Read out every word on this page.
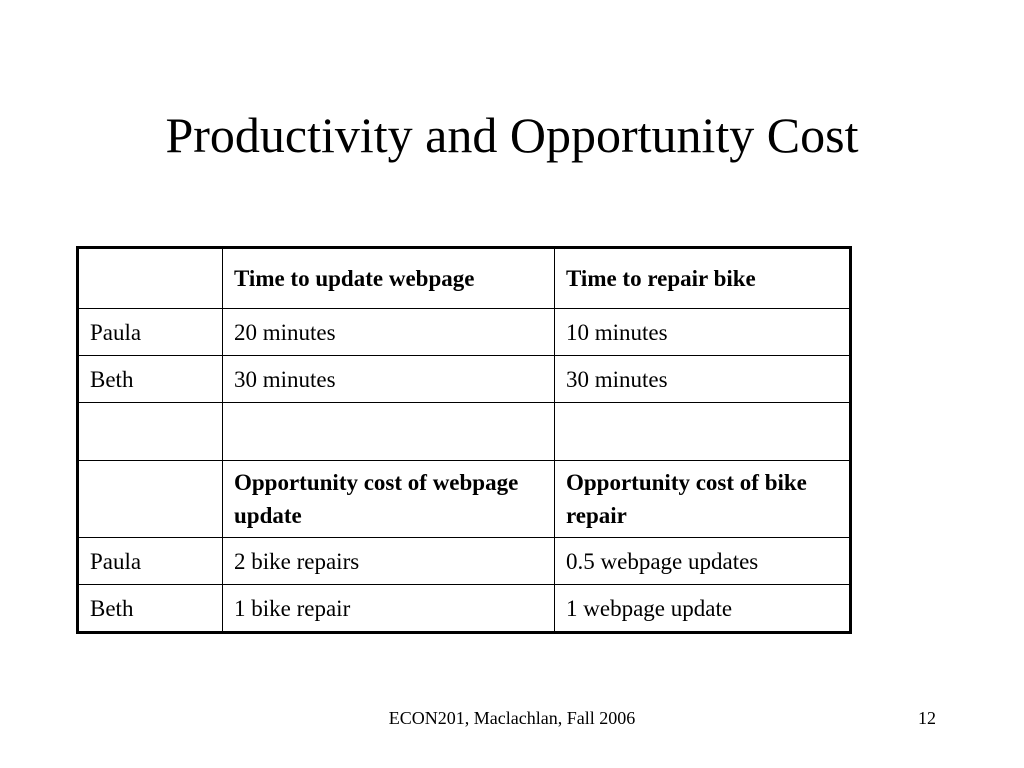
Productivity and Opportunity Cost
	Time to update webpage	Time to repair bike
Paula	20 minutes	10 minutes
Beth	30 minutes	30 minutes

	Opportunity cost of webpage update	Opportunity cost of bike repair
Paula	2 bike repairs	0.5 webpage updates
Beth	1 bike repair	1 webpage update
ECON201, Maclachlan, Fall 2006	12
